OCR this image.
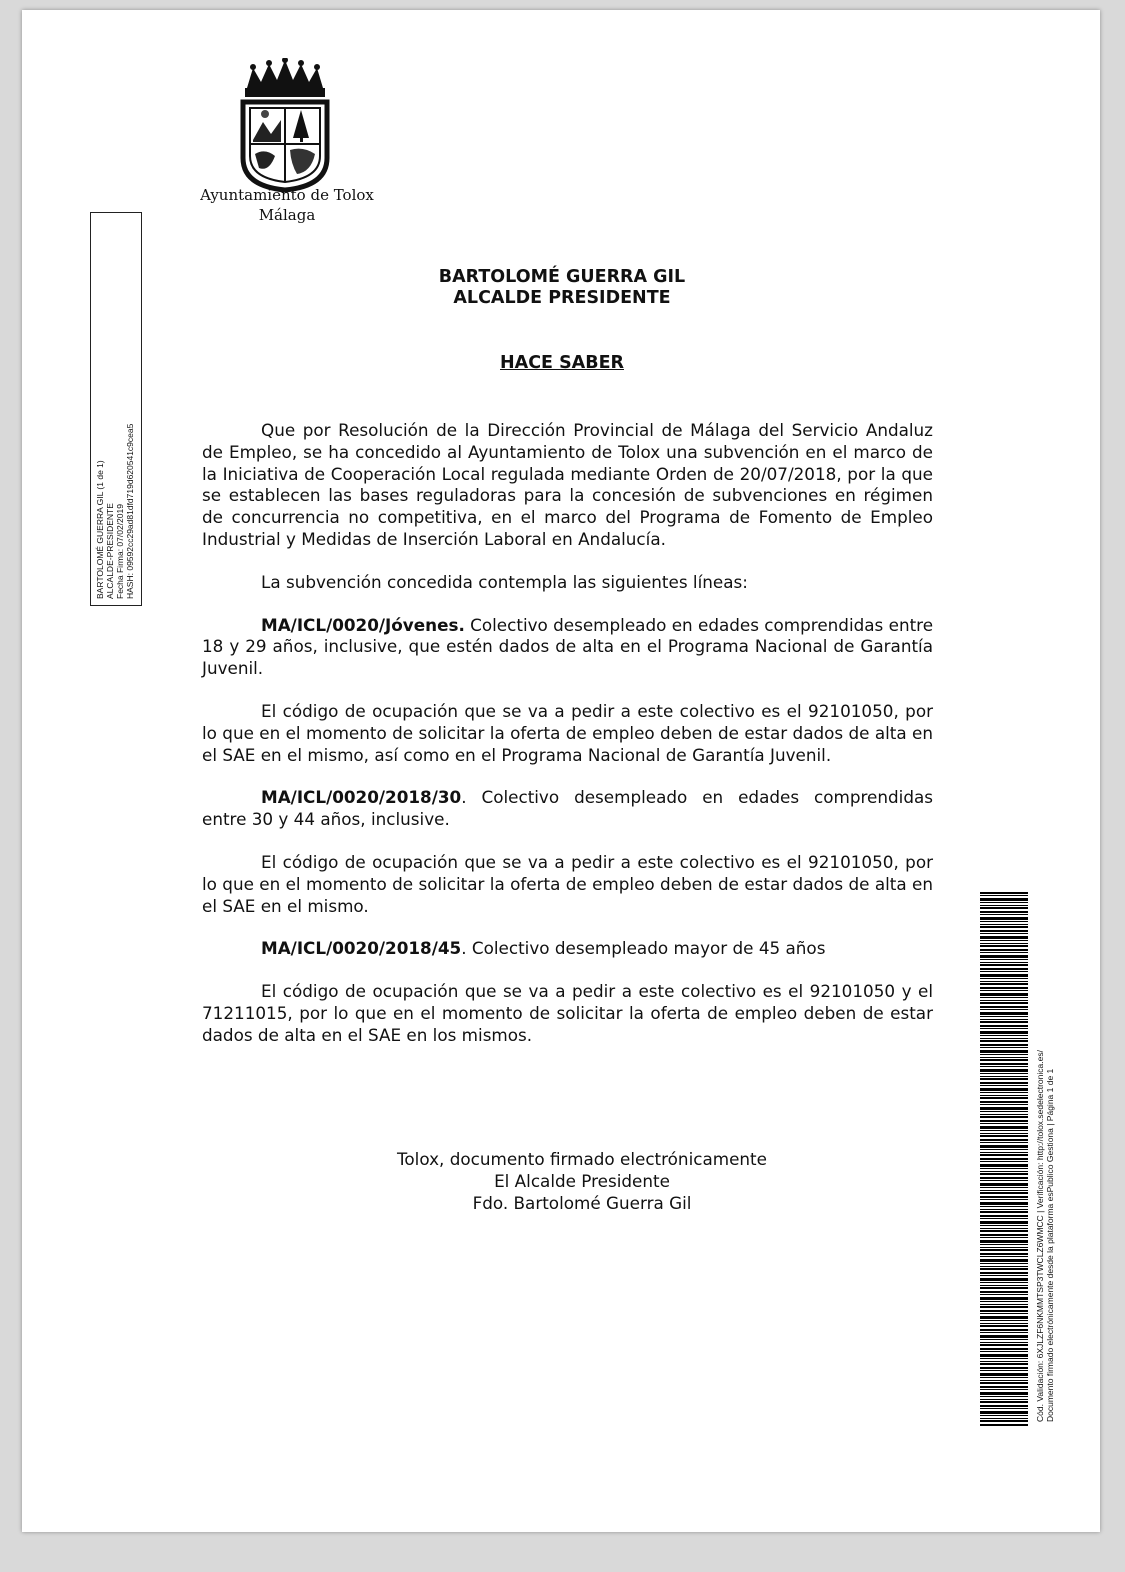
Ayuntamiento de Tolox
Málaga
BARTOLOMÉ GUERRA GIL (1 de 1) ALCALDE-PRESIDENTE Fecha Firma: 07/02/2019 HASH: 09592cc29ad81dfd719d620541c9cea5
BARTOLOMÉ GUERRA GIL
ALCALDE PRESIDENTE
HACE SABER

Que por Resolución de la Dirección Provincial de Málaga del Servicio Andaluz de Empleo, se ha concedido al Ayuntamiento de Tolox una subvención en el marco de la Iniciativa de Cooperación Local regulada mediante Orden de 20/07/2018, por la que se establecen las bases reguladoras para la concesión de subvenciones en régimen de concurrencia no competitiva, en el marco del Programa de Fomento de Empleo Industrial y Medidas de Inserción Laboral en Andalucía.

La subvención concedida contempla las siguientes líneas:

MA/ICL/0020/Jóvenes. Colectivo desempleado en edades comprendidas entre 18 y 29 años, inclusive, que estén dados de alta en el Programa Nacional de Garantía Juvenil.

El código de ocupación que se va a pedir a este colectivo es el 92101050, por lo que en el momento de solicitar la oferta de empleo deben de estar dados de alta en el SAE en el mismo, así como en el Programa Nacional de Garantía Juvenil.

MA/ICL/0020/2018/30. Colectivo desempleado en edades comprendidas entre 30 y 44 años, inclusive.

El código de ocupación que se va a pedir a este colectivo es el 92101050, por lo que en el momento de solicitar la oferta de empleo deben de estar dados de alta en el SAE en el mismo.

MA/ICL/0020/2018/45. Colectivo desempleado mayor de 45 años

El código de ocupación que se va a pedir a este colectivo es el 92101050 y el 71211015, por lo que en el momento de solicitar la oferta de empleo deben de estar dados de alta en el SAE en los mismos.

Tolox, documento firmado electrónicamente
El Alcalde Presidente
Fdo. Bartolomé Guerra Gil	Cód. Validación: 6XJLZF6NKMMTSP3TWCLZ6WMCC | Verificación: http://tolox.sedelectronica.es/ Documento firmado electrónicamente desde la plataforma esPublico Gestiona | Página 1 de 1
